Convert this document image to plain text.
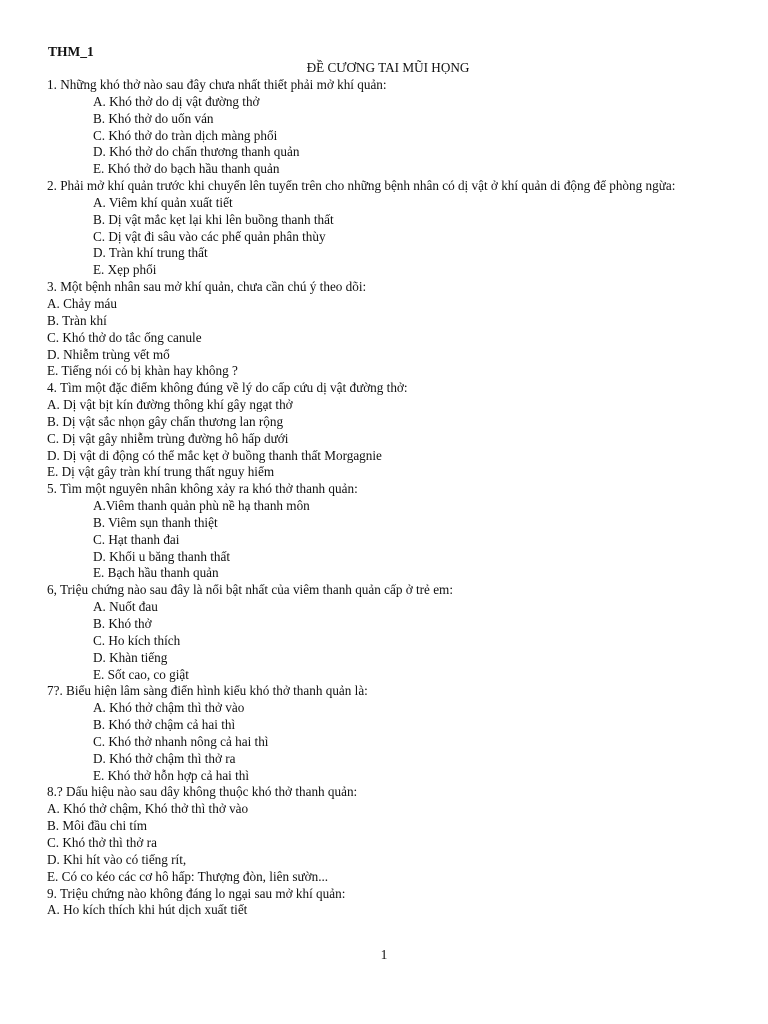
THM_1
ĐỀ CƯƠNG TAI MŨI HỌNG
1. Những khó thở nào sau đây chưa nhất thiết phải mở khí quản:
A. Khó thở do dị vật đường thở
B. Khó thở do uốn ván
C. Khó thở do tràn dịch màng phổi
D. Khó thở do chấn thương thanh quản
E. Khó thở do bạch hầu thanh quản
2. Phải mở khí quản trước khi chuyển lên tuyến trên cho những bệnh nhân có dị vật ở khí quản di động để phòng ngừa:
A. Viêm khí quản xuất tiết
B. Dị vật mắc kẹt lại khi lên buồng thanh thất
C. Dị vật đi sâu vào các phế quản phân thùy
D. Tràn khí trung thất
E. Xẹp phổi
3. Một bệnh nhân sau mở khí quản, chưa cần chú ý theo dõi:
A. Chảy máu
B. Tràn khí
C. Khó thở do tắc ống canule
D. Nhiễm trùng vết mổ
E. Tiếng nói có bị khàn hay không ?
4. Tìm một đặc điểm không đúng về lý do cấp cứu dị vật đường thở:
A. Dị vật bịt kín đường thông khí gây ngạt thở
B. Dị vật sắc nhọn gây chấn thương lan rộng
C. Dị vật gây nhiễm trùng đường hô hấp dưới
D. Dị vật di động có thể mắc kẹt ở buồng thanh thất Morgagnie
E. Dị vật gây tràn khí trung thất nguy hiểm
5. Tìm một nguyên nhân không xảy ra khó thở thanh quản:
A.Viêm thanh quản phù nề hạ thanh môn
B. Viêm sụn thanh thiệt
C. Hạt thanh đai
D. Khối u băng thanh thất
E. Bạch hầu thanh quản
6, Triệu chứng nào sau đây là nổi bật nhất của viêm thanh quản cấp ở trẻ em:
A. Nuốt đau
B. Khó thở
C. Ho kích thích
D. Khàn tiếng
E. Sốt cao, co giật
7?. Biểu hiện lâm sàng điển hình kiểu khó thở thanh quản là:
A. Khó thở chậm thì thở vào
B. Khó thở chậm cả hai thì
C. Khó thở nhanh nông cả hai thì
D. Khó thở chậm thì thở ra
E. Khó thở hỗn hợp cả hai thì
8.? Dấu hiệu nào sau dây không thuộc khó thở thanh quản:
A. Khó thở chậm, Khó thở thì thở vào
B. Môi đầu chi tím
C. Khó thở thì thở ra
D. Khi hít vào có tiếng rít,
E. Có co kéo các cơ hô hấp: Thượng đòn, liên sườn...
9. Triệu chứng nào không đáng lo ngại sau mở khí quản:
A. Ho kích thích khi hút dịch xuất tiết
1
